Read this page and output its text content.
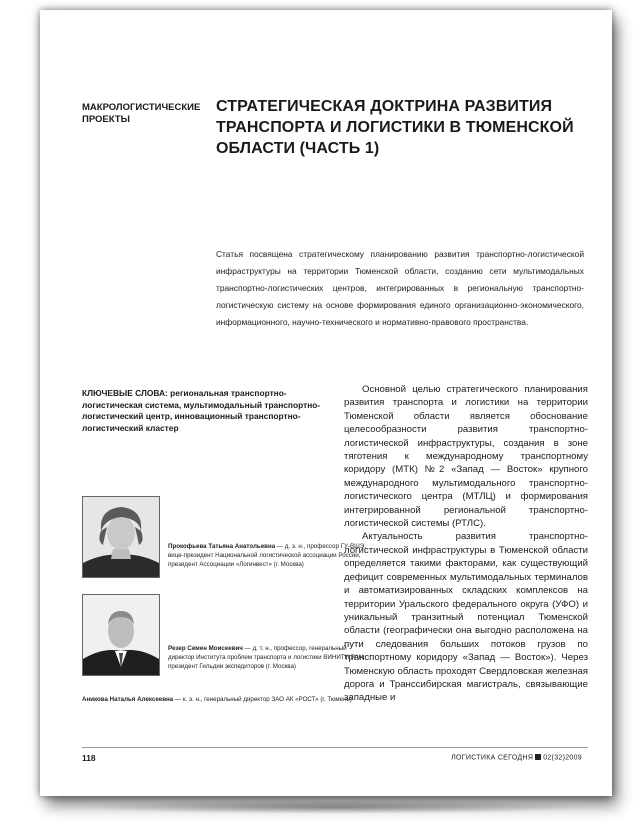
МАКРОЛОГИСТИЧЕСКИЕ ПРОЕКТЫ
СТРАТЕГИЧЕСКАЯ ДОКТРИНА РАЗВИТИЯ ТРАНСПОРТА И ЛОГИСТИКИ В ТЮМЕНСКОЙ ОБЛАСТИ (ЧАСТЬ 1)
Статья посвящена стратегическому планированию развития транспортно-логистической инфраструктуры на территории Тюменской области, созданию сети мультимодальных транспортно-логистических центров, интегрированных в региональную транспортно-логистическую систему на основе формирования единого организационно-экономического, информационного, научно-технического и нормативно-правового пространства.
КЛЮЧЕВЫЕ СЛОВА: региональная транспортно-логистическая система, мультимодальный транспортно-логистический центр, инновационный транспортно-логистический кластер
Прокофьева Татьяна Анатольевна — д. э. н., профессор ГУ-ВШЭ, вице-президент Национальной логистической ассоциации России, президент Ассоциации «Логинвест» (г. Москва)
Резер Семен Моисеевич — д. т. н., профессор, генеральный директор Института проблем транспорта и логистики ВИНИТИ РАН, президент Гильдии экспедиторов (г. Москва)
Аникова Наталья Алексеевна — к. э. н., генеральный директор ЗАО АК «РОСТ» (г. Тюмень)

Основной целью стратегического планирования развития транспорта и логистики на территории Тюменской области является обоснование целесообразности развития транспортно-логистической инфраструктуры, создания в зоне тяготения к международному транспортному коридору (МТК) №2 «Запад — Восток» крупного международного мультимодального транспортно-логистического центра (МТЛЦ) и формирования интегрированной региональной транспортно-логистической системы (РТЛС).

Актуальность развития транспортно-логистической инфраструктуры в Тюменской области определяется такими факторами, как существующий дефицит современных мультимодальных терминалов и автоматизированных складских комплексов на территории Уральского федерального округа (УФО) и уникальный транзитный потенциал Тюменской области (географически она выгодно расположена на пути следования больших потоков грузов по транспортному коридору «Запад — Восток»). Через Тюменскую область проходят Свердловская железная дорога и Транссибирская магистраль, связывающие западные и

118	ЛОГИСТИКА СЕГОДНЯ 02(32)2009
